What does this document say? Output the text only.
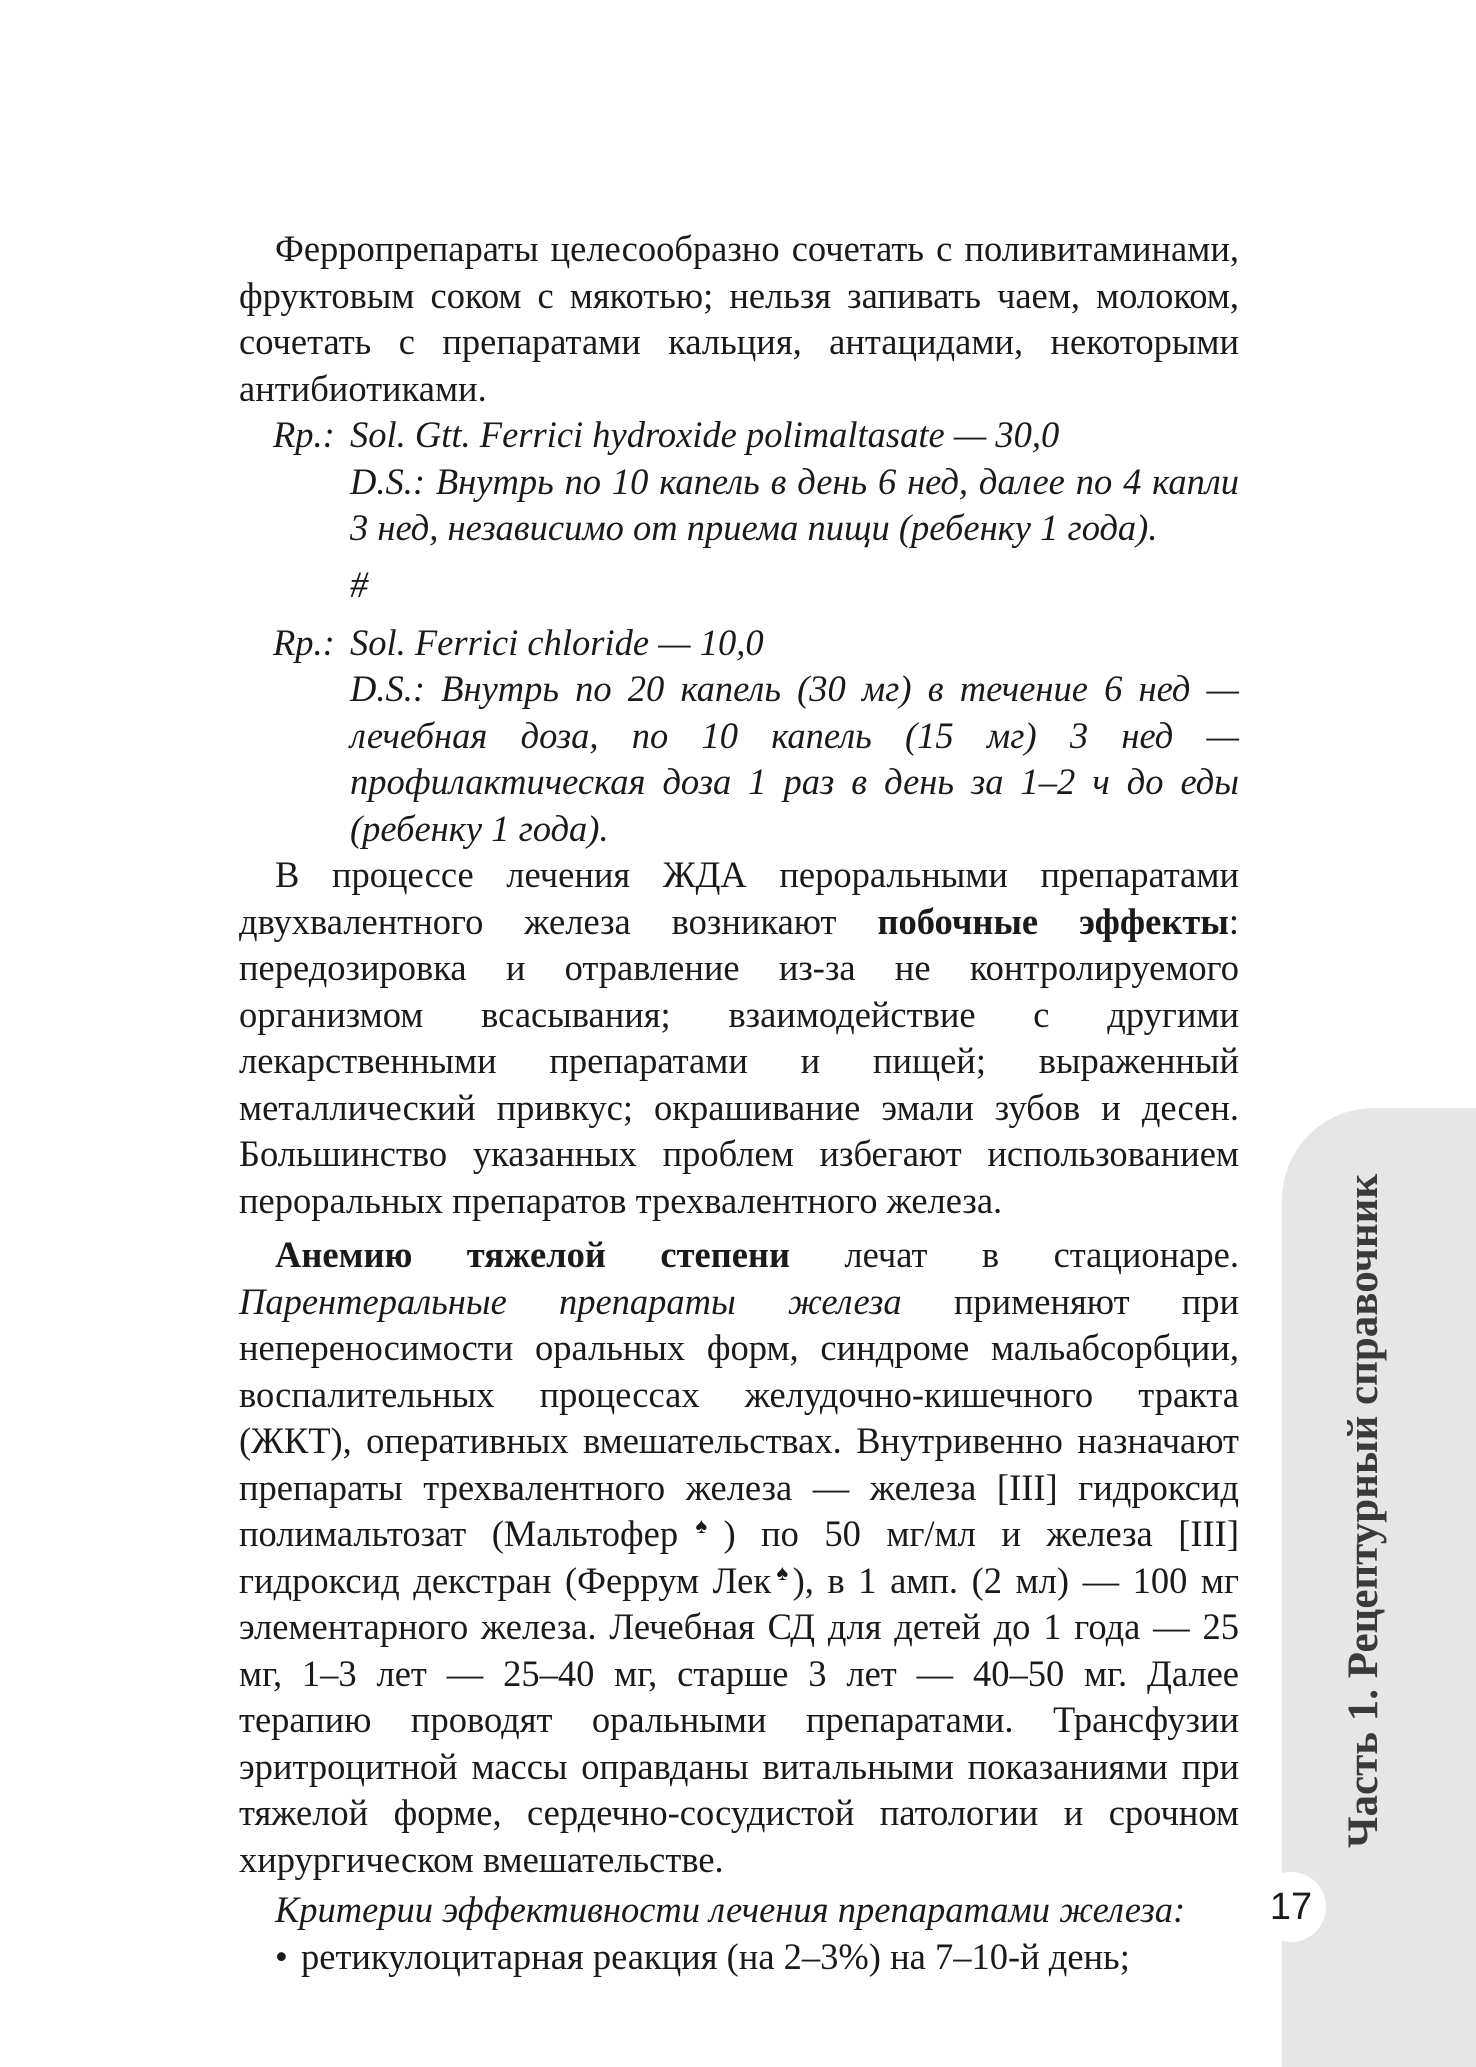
Ферропрепараты целесообразно сочетать с поливитаминами, фруктовым соком с мякотью; нельзя запивать чаем, молоком, сочетать с препаратами кальция, антацидами, некоторыми антибиотиками.

Rp.: Sol. Gtt. Ferrici hydroxide polimaltasate — 30,0
D.S.: Внутрь по 10 капель в день 6 нед, далее по 4 капли 3 нед, независимо от приема пищи (ребенку 1 года).
#
Rp.: Sol. Ferrici chloride — 10,0
D.S.: Внутрь по 20 капель (30 мг) в течение 6 нед — лечебная доза, по 10 капель (15 мг) 3 нед — профилактическая доза 1 раз в день за 1–2 ч до еды (ребенку 1 года).

В процессе лечения ЖДА пероральными препаратами двухвалентного железа возникают побочные эффекты: передозировка и отравление из-за не контролируемого организмом всасывания; взаимодействие с другими лекарственными препаратами и пищей; выраженный металлический привкус; окрашивание эмали зубов и десен. Большинство указанных проблем избегают использованием пероральных препаратов трехвалентного железа.

Анемию тяжелой степени лечат в стационаре. Парентеральные препараты железа применяют при непереносимости оральных форм, синдроме мальабсорбции, воспалительных процессах желудочно-кишечного тракта (ЖКТ), оперативных вмешательствах. Внутривенно назначают препараты трехвалентного железа — железа [III] гидроксид полимальтозат (Мальтофер♠) по 50 мг/мл и железа [III] гидроксид декстран (Феррум Лек♠), в 1 амп. (2 мл) — 100 мг элементарного железа. Лечебная СД для детей до 1 года — 25 мг, 1–3 лет — 25–40 мг, старше 3 лет — 40–50 мг. Далее терапию проводят оральными препаратами. Трансфузии эритроцитной массы оправданы витальными показаниями при тяжелой форме, сердечно-сосудистой патологии и срочном хирургическом вмешательстве.

Критерии эффективности лечения препаратами железа:

• ретикулоцитарная реакция (на 2–3%) на 7–10-й день;
Часть 1. Рецептурный справочник
17
